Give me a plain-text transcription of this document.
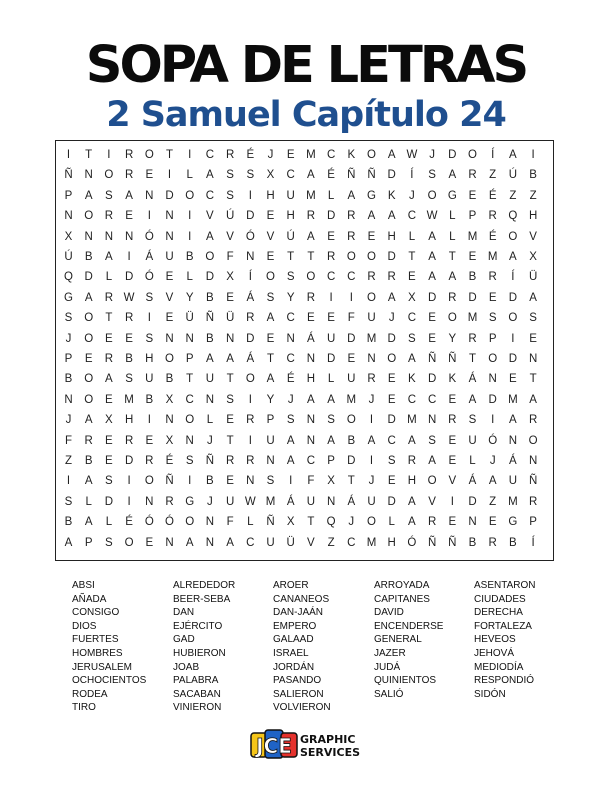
SOPA DE LETRAS
2 Samuel Capítulo 24
I	T	I	R	O	T	I	C	R	É	J	E	M C	K	O	A W	J	D	O	Í	A	I
Ñ	N	O	R	E	I	L	A	S	S	X	C	A	É	Ñ	Ñ	D	Í	S	A	R	Z	Ú	B
P	A	S	A	N	D	O	C	S	I	H	U M	L	A	G	K	J	O G	E	É	Z	Z
N	O	R	E	I	N	I	V	Ú	D	E	H	R	D	R	A	A	C W	L	P	R	Q	H
X	N	N	N	Ó	N	I	A	V	Ó	V	Ú	A	E	R	E	H	L	A	L	M	É	O	V
Ú	B	A	I	Á	U	B	O	F	N	E	T	T	R	O O	D	T	A	T	E	M	A	X
Q	D	L	D	Ó	E	L	D	X	Í	O	S	O	C	C	R	R	E	A	A	B	R	Í	Ü
G	A	R W S	V	Y	B	E	Á	S	Y	R	I	I	O	A	X	D	R	D	E	D	A
S	O	T	R	I	E	Ü	Ñ	Ü	R	A	C	E	E	F	U	J	C	E	O M	S	O	S
J	O	E	E	S	N	N	B	N	D	E	N	Á	U	D M D	S	E	Y	R	P	I	E
P	E	R	B	H	O	P	A	A	Á	T	C	N	D	E	N	O	A	Ñ	Ñ	T	O	D	N
B	O	A	S	U	B	T	U	T	O	A	É	H	L	U	R	E	K	D	K	Á	N	E	T
N	O	E	M	B	X	C	N	S	I	Y	J	A	A	M	J	E	C	C	E	A	D M	A
J	A	X	H	I	N	O	L	E	R	P	S	N	S	O	I	D M N	R	S	I	A	R
F	R	E	R	E	X	N	J	T	I	U	A	N	A	B	A	C	A	S	E	U	Ó	N	O
Z	B	E	D	R	É	S	Ñ	R	R	N	A	C	P	D	I	S	R	A	E	L	J	Á	N
I	A	S	I	O	Ñ	I	B	E	N	S	I	F	X	T	J	E	H	O	V	Á	A	U	Ñ
S	L	D	I	N	R	G	J	U W M	Á	U	N	Á	U	D	A	V	I	D	Z	M R
B	A	L	É	Ó Ó O	N	F	L	Ñ	X	T	Q	J	O	L	A	R	E	N	E	G	P
A	P	S	O	E	N	A	N	A	C	U	Ü	V	Z	C M H	Ó	Ñ	Ñ	B	R	B	Í
ABSI
AÑADA
CONSIGO
DIOS
FUERTES
HOMBRES
JERUSALEM
OCHOCIENTOS
RODEA
TIRO
ALREDEDOR
BEER-SEBA
DAN
EJÉRCITO
GAD
HUBIERON
JOAB
PALABRA
SACABAN
VINIERON
AROER
CANANEOS
DAN-JAÁN
EMPERO
GALAAD
ISRAEL
JORDÁN
PASANDO
SALIERON
VOLVIERON
ARROYADA
CAPITANES
DAVID
ENCENDERSE
GENERAL
JAZER
JUDÁ
QUINIENTOS
SALIÓ
ASENTARON
CIUDADES
DERECHA
FORTALEZA
HEVEOS
JEHOVÁ
MEDIODÍA
RESPONDIÓ
SIDÓN
JCE GRAPHIC
SERVICES
